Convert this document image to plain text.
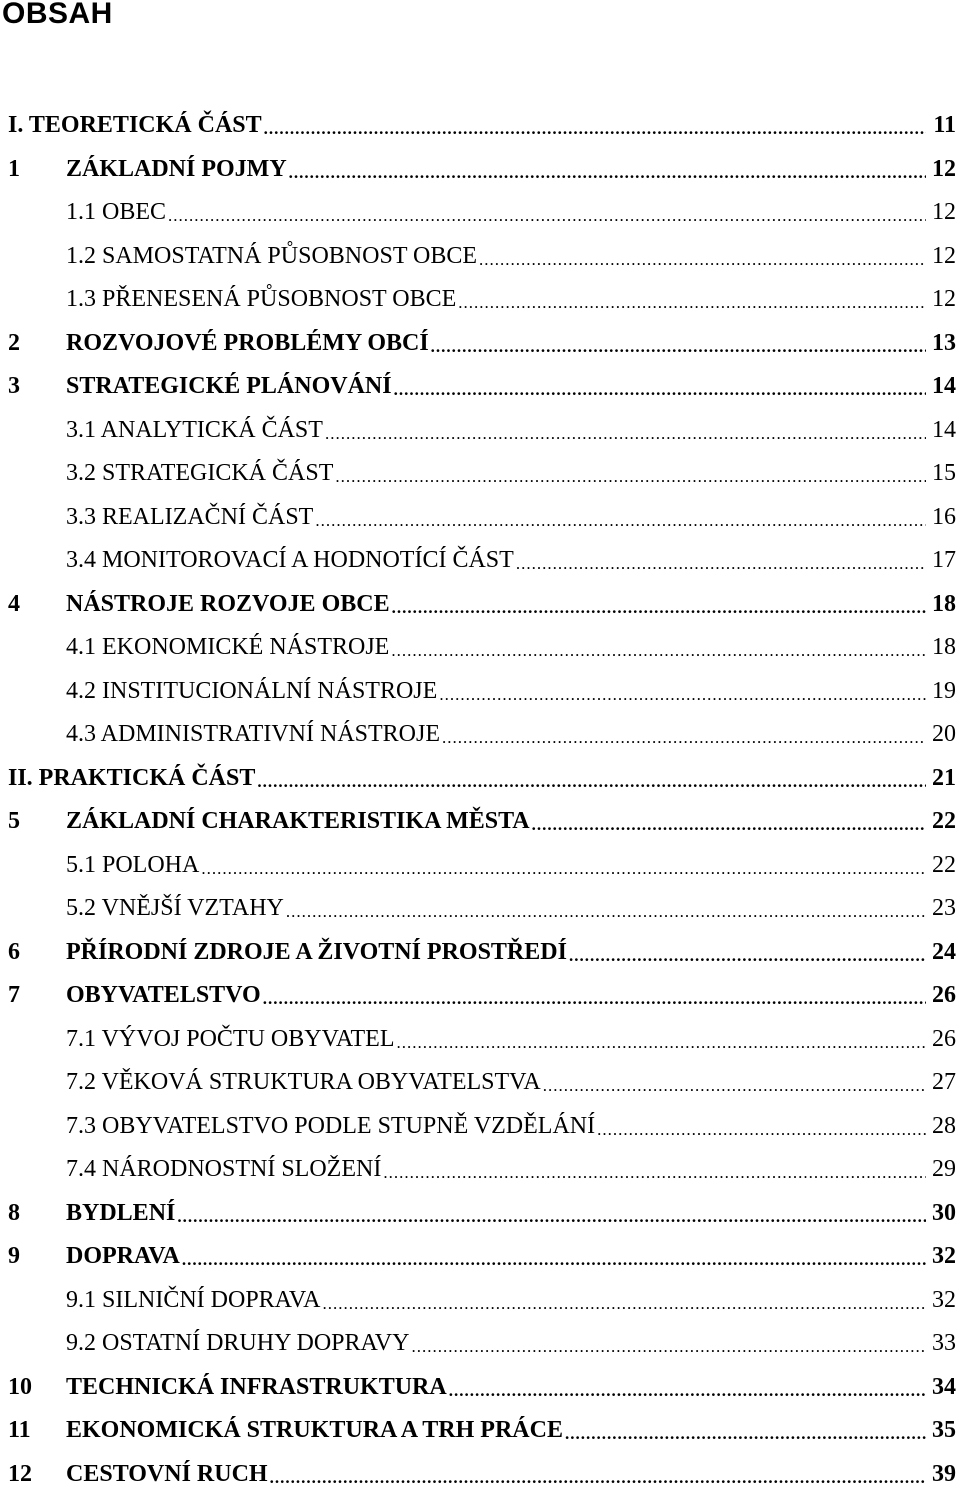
OBSAH
I. TEORETICKÁ ČÁST .....	11
1 ZÁKLADNÍ POJMY .....	12
1.1 OBEC .....	12
1.2 SAMOSTATNÁ PŮSOBNOST OBCE .....	12
1.3 PŘENESENÁ PŮSOBNOST OBCE .....	12
2 ROZVOJOVÉ PROBLÉMY OBCÍ .....	13
3 STRATEGICKÉ PLÁNOVÁNÍ .....	14
3.1 ANALYTICKÁ ČÁST .....	14
3.2 STRATEGICKÁ ČÁST .....	15
3.3 REALIZAČNÍ ČÁST .....	16
3.4 MONITOROVACÍ A HODNOTÍCÍ ČÁST .....	17
4 NÁSTROJE ROZVOJE OBCE .....	18
4.1 EKONOMICKÉ NÁSTROJE .....	18
4.2 INSTITUCIONÁLNÍ NÁSTROJE .....	19
4.3 ADMINISTRATIVNÍ NÁSTROJE .....	20
II. PRAKTICKÁ ČÁST .....	21
5 ZÁKLADNÍ CHARAKTERISTIKA MĚSTA .....	22
5.1 POLOHA .....	22
5.2 VNĚJŠÍ VZTAHY .....	23
6 PŘÍRODNÍ ZDROJE A ŽIVOTNÍ PROSTŘEDÍ .....	24
7 OBYVATELSTVO .....	26
7.1 VÝVOJ POČTU OBYVATEL .....	26
7.2 VĚKOVÁ STRUKTURA OBYVATELSTVA .....	27
7.3 OBYVATELSTVO PODLE STUPNĚ VZDĚLÁNÍ .....	28
7.4 NÁRODNOSTNÍ SLOŽENÍ .....	29
8 BYDLENÍ .....	30
9 DOPRAVA .....	32
9.1 SILNIČNÍ DOPRAVA .....	32
9.2 OSTATNÍ DRUHY DOPRAVY .....	33
10 TECHNICKÁ INFRASTRUKTURA .....	34
11 EKONOMICKÁ STRUKTURA A TRH PRÁCE .....	35
12 CESTOVNÍ RUCH .....	39
